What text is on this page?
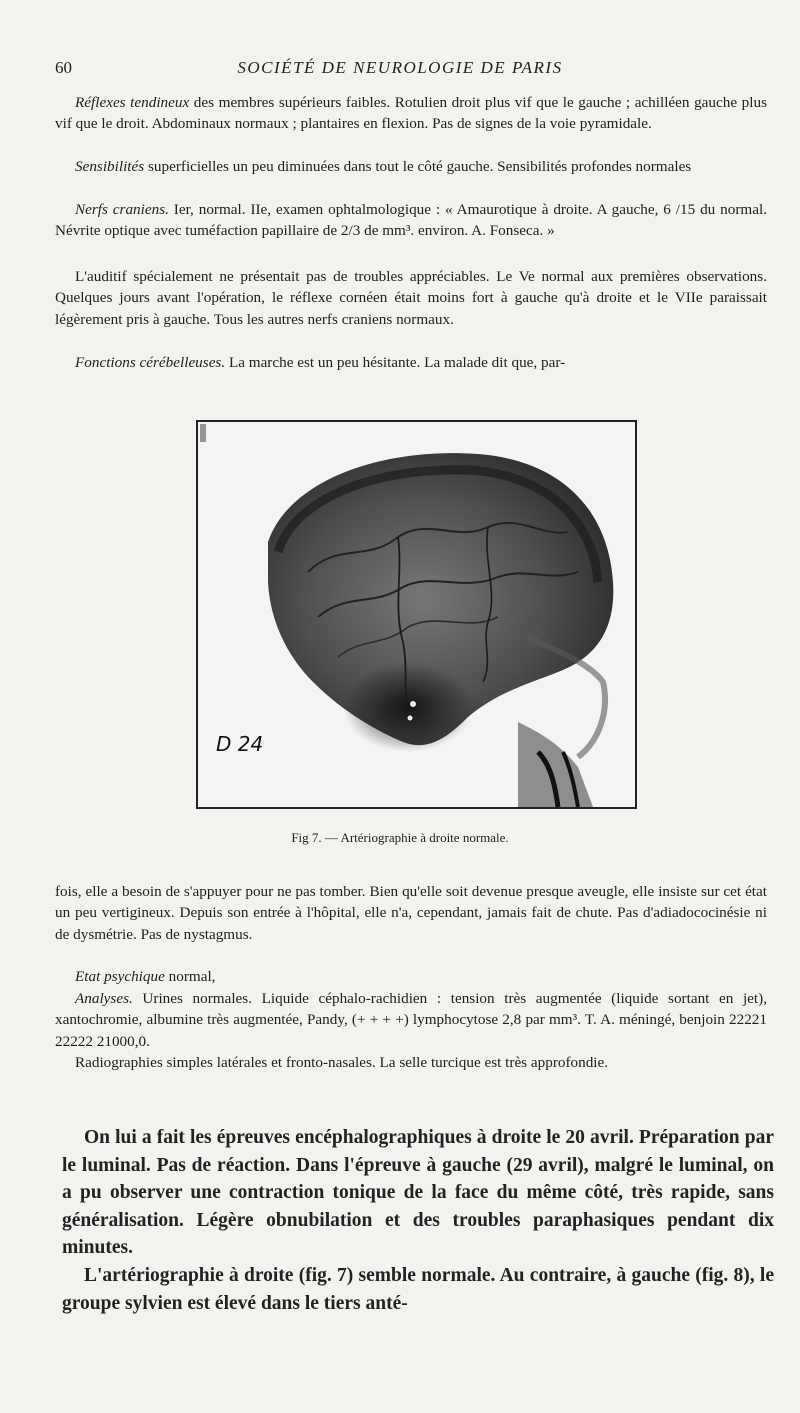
60	SOCIÉTÉ DE NEUROLOGIE DE PARIS

Réflexes tendineux des membres supérieurs faibles. Rotulien droit plus vif que le gauche ; achilléen gauche plus vif que le droit. Abdominaux normaux ; plantaires en flexion. Pas de signes de la voie pyramidale.

Sensibilités superficielles un peu diminuées dans tout le côté gauche. Sensibilités profondes normales

Nerfs craniens. Ier, normal. IIe, examen ophtalmologique : « Amaurotique à droite. A gauche, 6 /15 du normal. Névrite optique avec tuméfaction papillaire de 2/3 de mm³. environ. A. Fonseca. »

L'auditif spécialement ne présentait pas de troubles appréciables. Le Ve normal aux premières observations. Quelques jours avant l'opération, le réflexe cornéen était moins fort à gauche qu'à droite et le VIIe paraissait légèrement pris à gauche. Tous les autres nerfs craniens normaux.

Fonctions cérébelleuses. La marche est un peu hésitante. La malade dit que, par-

D 24
Fig 7. — Artériographie à droite normale.

fois, elle a besoin de s'appuyer pour ne pas tomber. Bien qu'elle soit devenue presque aveugle, elle insiste sur cet état un peu vertigineux. Depuis son entrée à l'hôpital, elle n'a, cependant, jamais fait de chute. Pas d'adiadococinésie ni de dysmétrie. Pas de nystagmus.

Etat psychique normal,

Analyses. Urines normales. Liquide céphalo-rachidien : tension très augmentée (liquide sortant en jet), xantochromie, albumine très augmentée, Pandy, (+ + + +) lymphocytose 2,8 par mm³. T. A. méningé, benjoin 22221 22222 21000,0.

Radiographies simples latérales et fronto-nasales. La selle turcique est très approfondie.

On lui a fait les épreuves encéphalographiques à droite le 20 avril. Préparation par le luminal. Pas de réaction. Dans l'épreuve à gauche (29 avril), malgré le luminal, on a pu observer une contraction tonique de la face du même côté, très rapide, sans généralisation. Légère obnubilation et des troubles paraphasiques pendant dix minutes.

L'artériographie à droite (fig. 7) semble normale. Au contraire, à gauche (fig. 8), le groupe sylvien est élevé dans le tiers anté-
